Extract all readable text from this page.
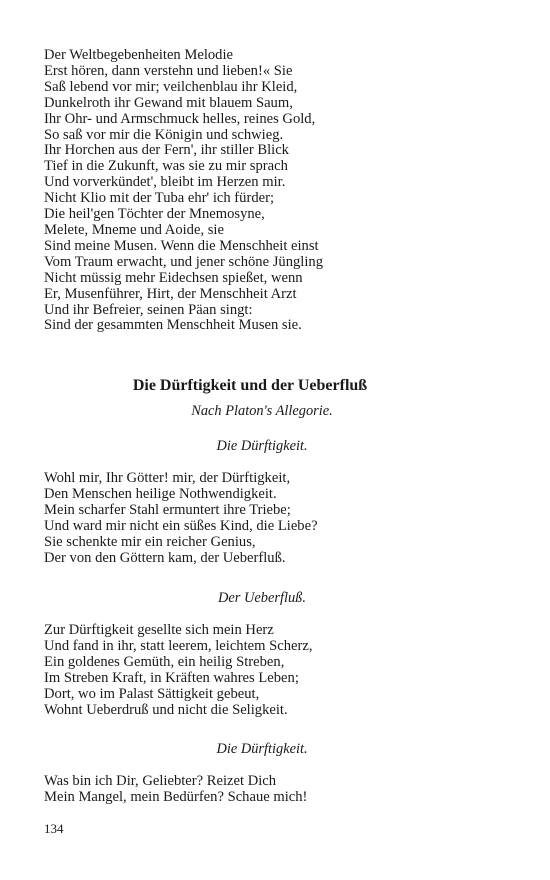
Der Weltbegebenheiten Melodie
Erst hören, dann verstehn und lieben!« Sie
Saß lebend vor mir; veilchenblau ihr Kleid,
Dunkelroth ihr Gewand mit blauem Saum,
Ihr Ohr- und Armschmuck helles, reines Gold,
So saß vor mir die Königin und schwieg.
Ihr Horchen aus der Fern', ihr stiller Blick
Tief in die Zukunft, was sie zu mir sprach
Und vorverkündet', bleibt im Herzen mir.
Nicht Klio mit der Tuba ehr' ich fürder;
Die heil'gen Töchter der Mnemosyne,
Melete, Mneme und Aoide, sie
Sind meine Musen. Wenn die Menschheit einst
Vom Traum erwacht, und jener schöne Jüngling
Nicht müssig mehr Eidechsen spießet, wenn
Er, Musenführer, Hirt, der Menschheit Arzt
Und ihr Befreier, seinen Päan singt:
Sind der gesammten Menschheit Musen sie.
Die Dürftigkeit und der Ueberfluß
Nach Platon's Allegorie.
Die Dürftigkeit.
Wohl mir, Ihr Götter! mir, der Dürftigkeit,
Den Menschen heilige Nothwendigkeit.
Mein scharfer Stahl ermuntert ihre Triebe;
Und ward mir nicht ein süßes Kind, die Liebe?
Sie schenkte mir ein reicher Genius,
Der von den Göttern kam, der Ueberfluß.
Der Ueberfluß.
Zur Dürftigkeit gesellte sich mein Herz
Und fand in ihr, statt leerem, leichtem Scherz,
Ein goldenes Gemüth, ein heilig Streben,
Im Streben Kraft, in Kräften wahres Leben;
Dort, wo im Palast Sättigkeit gebeut,
Wohnt Ueberdruß und nicht die Seligkeit.
Die Dürftigkeit.
Was bin ich Dir, Geliebter? Reizet Dich
Mein Mangel, mein Bedürfen? Schaue mich!
134
